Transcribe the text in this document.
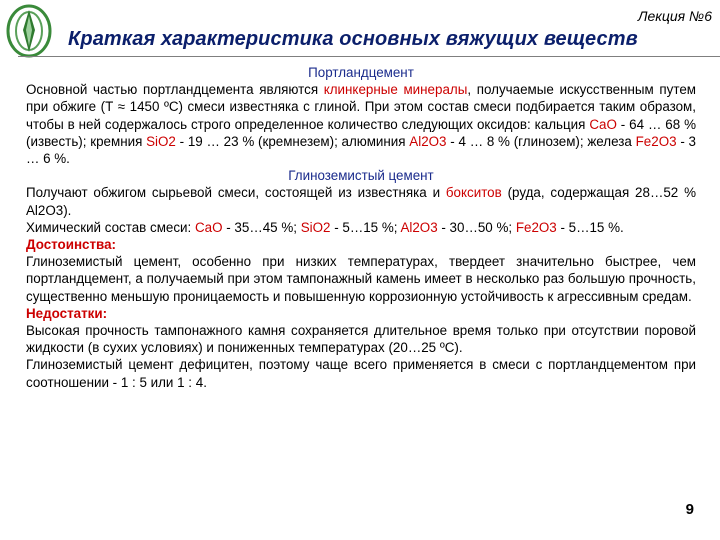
Лекция №6
Краткая характеристика основных вяжущих веществ

Портландцемент

Основной частью портландцемента являются клинкерные минералы, получаемые искусственным путем при обжиге (Т ≈ 1450 ºС) смеси известняка с глиной. При этом состав смеси подбирается таким образом, чтобы в ней содержалось строго определенное количество следующих оксидов: кальция CaO - 64 … 68 % (известь); кремния SiO2 - 19 … 23 % (кремнезем); алюминия Al2O3 - 4 … 8 % (глинозем); железа Fe2O3 - 3 … 6 %.

Глиноземистый цемент

Получают обжигом сырьевой смеси, состоящей из известняка и бокситов (руда, содержащая 28…52 % Al2O3).

Химический состав смеси: CaO - 35…45 %; SiO2 - 5…15 %; Al2O3 - 30…50 %; Fe2O3 - 5…15 %.

Достоинства:

Глиноземистый цемент, особенно при низких температурах, твердеет значительно быстрее, чем портландцемент, а получаемый при этом тампонажный камень имеет в несколько раз большую прочность, существенно меньшую проницаемость и повышенную коррозионную устойчивость к агрессивным средам.

Недостатки:

Высокая прочность тампонажного камня сохраняется длительное время только при отсутствии поровой жидкости (в сухих условиях) и пониженных температурах (20…25 ºС).

Глиноземистый цемент дефицитен, поэтому чаще всего применяется в смеси с портландцементом при соотношении - 1 : 5 или 1 : 4.

9
